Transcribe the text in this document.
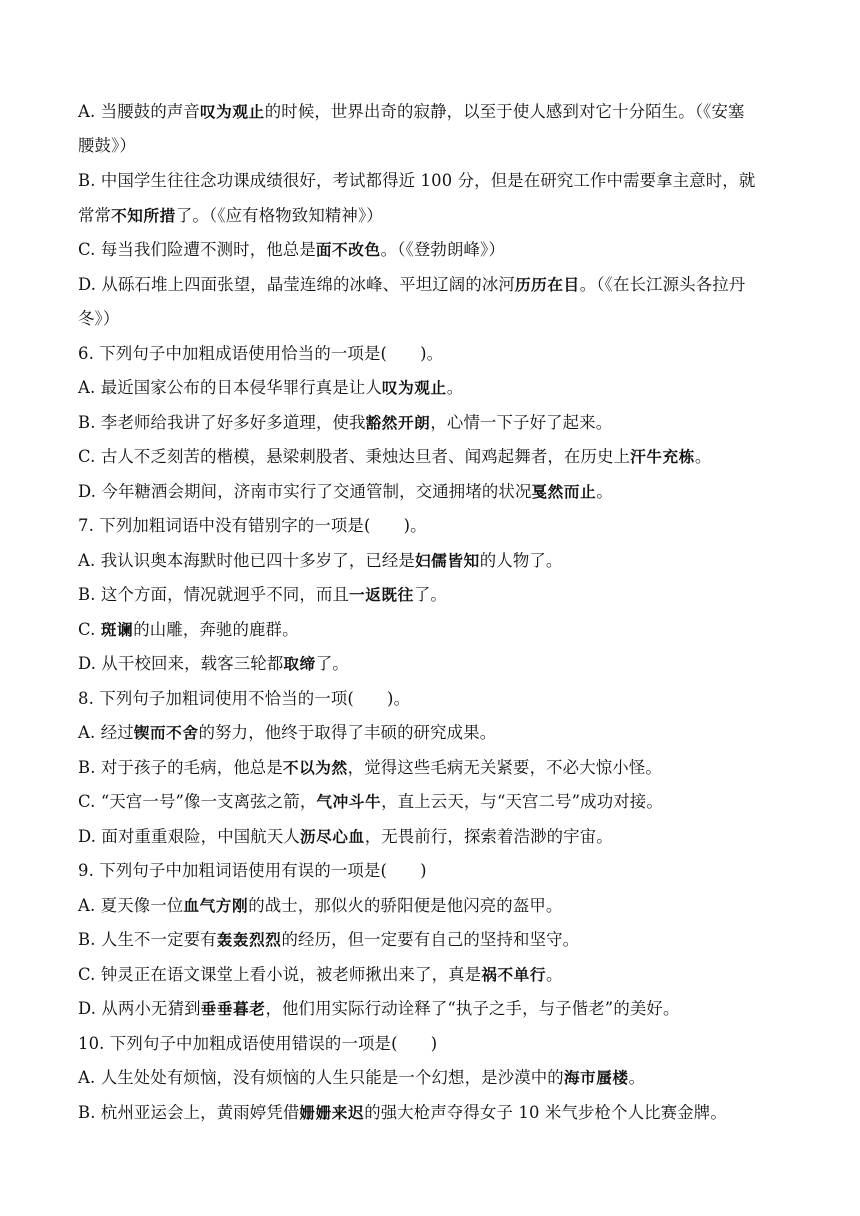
A. 当腰鼓的声音叹为观止的时候，世界出奇的寂静，以至于使人感到对它十分陌生。（《安塞
腰鼓》）
B. 中国学生往往念功课成绩很好，考试都得近 100 分，但是在研究工作中需要拿主意时，就
常常不知所措了。（《应有格物致知精神》）
C. 每当我们险遭不测时，他总是面不改色。（《登勃朗峰》）
D. 从砾石堆上四面张望，晶莹连绵的冰峰、平坦辽阔的冰河历历在目。（《在长江源头各拉丹
冬》）
6. 下列句子中加粗成语使用恰当的一项是(　　)。
A. 最近国家公布的日本侵华罪行真是让人叹为观止。
B. 李老师给我讲了好多好多道理，使我豁然开朗，心情一下子好了起来。
C. 古人不乏刻苦的楷模，悬梁刺股者、秉烛达旦者、闻鸡起舞者，在历史上汗牛充栋。
D. 今年糖酒会期间，济南市实行了交通管制，交通拥堵的状况戛然而止。
7. 下列加粗词语中没有错别字的一项是(　　)。
A. 我认识奥本海默时他已四十多岁了，已经是妇儒皆知的人物了。
B. 这个方面，情况就迥乎不同，而且一返既往了。
C. 斑谰的山雕，奔驰的鹿群。
D. 从干校回来，载客三轮都取缔了。
8. 下列句子加粗词使用不恰当的一项(　　)。
A. 经过锲而不舍的努力，他终于取得了丰硕的研究成果。
B. 对于孩子的毛病，他总是不以为然，觉得这些毛病无关紧要，不必大惊小怪。
C. “天宫一号”像一支离弦之箭，气冲斗牛，直上云天，与“天宫二号”成功对接。
D. 面对重重艰险，中国航天人沥尽心血，无畏前行，探索着浩渺的宇宙。
9. 下列句子中加粗词语使用有误的一项是(　　)
A. 夏天像一位血气方刚的战士，那似火的骄阳便是他闪亮的盔甲。
B. 人生不一定要有轰轰烈烈的经历，但一定要有自己的坚持和坚守。
C. 钟灵正在语文课堂上看小说，被老师揪出来了，真是祸不单行。
D. 从两小无猜到垂垂暮老，他们用实际行动诠释了“执子之手，与子偕老”的美好。
10. 下列句子中加粗成语使用错误的一项是(　　)
A. 人生处处有烦恼，没有烦恼的人生只能是一个幻想，是沙漠中的海市蜃楼。
B. 杭州亚运会上，黄雨婷凭借姗姗来迟的强大枪声夺得女子 10 米气步枪个人比赛金牌。
